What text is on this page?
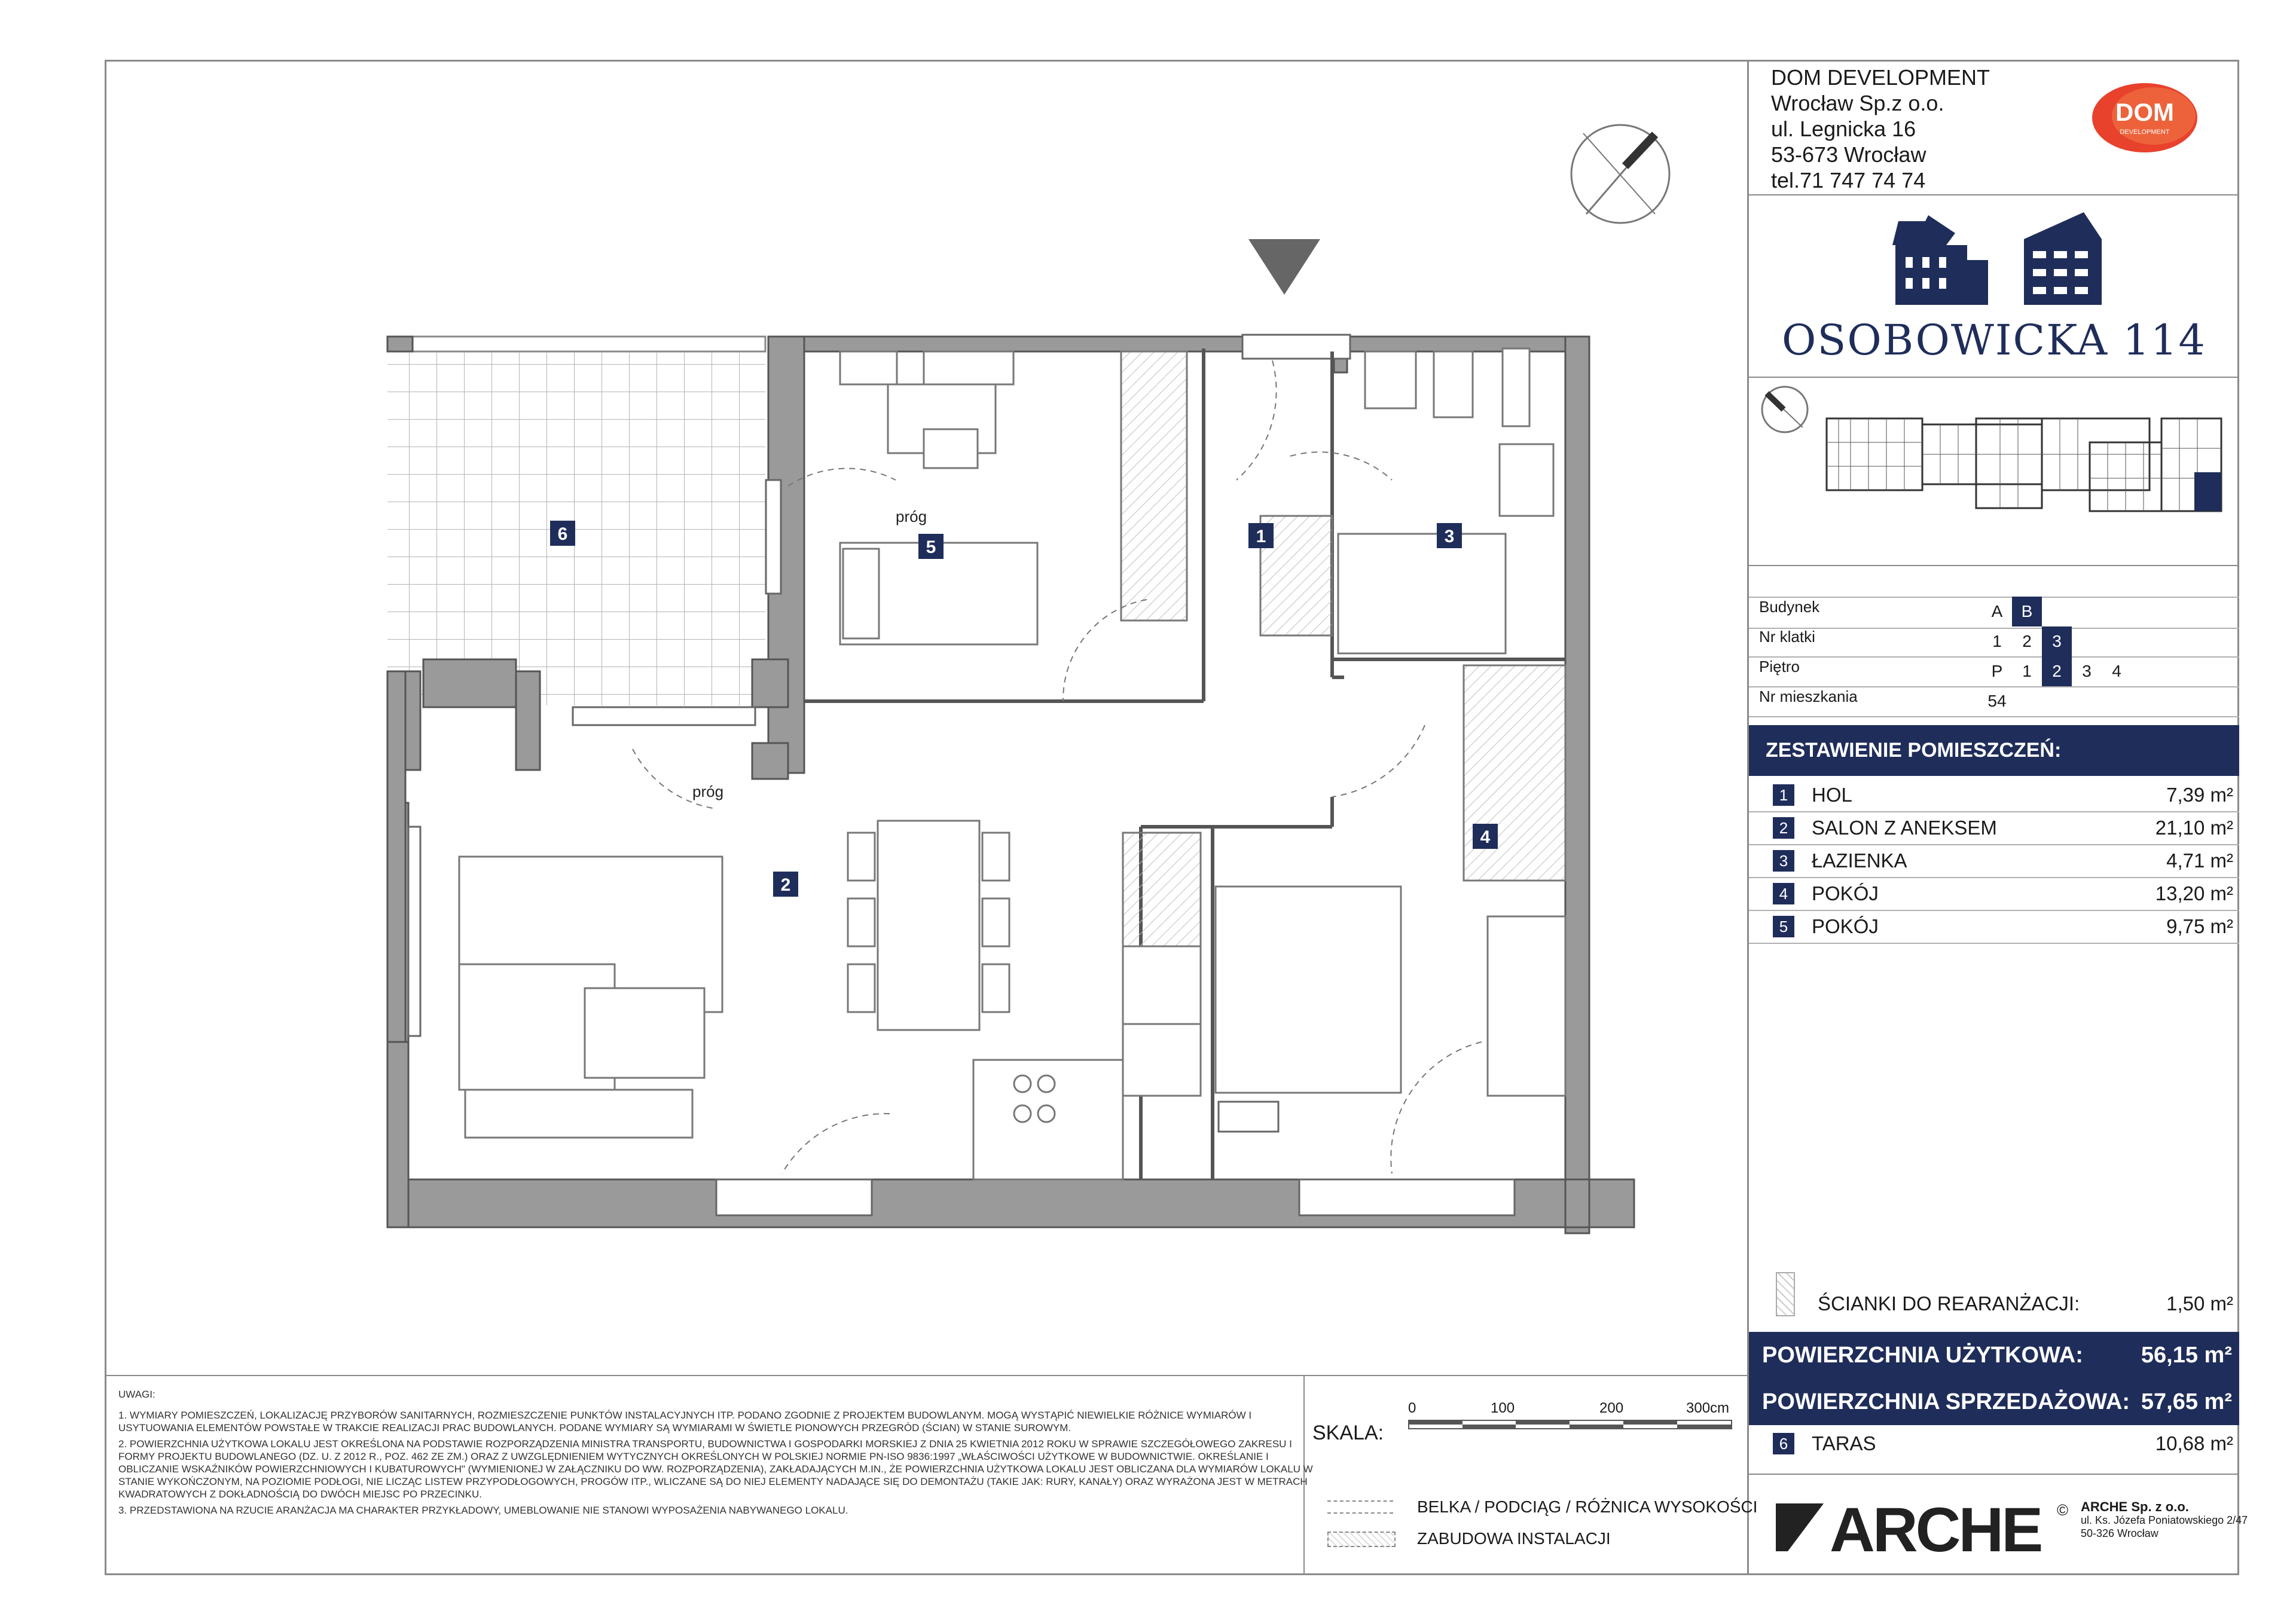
6
5
1	3
4
2
próg
próg
DOM DEVELOPMENT
Wrocław Sp.z o.o.
ul. Legnicka 16
53-673 Wrocław
tel.71 747 74 74
DOM
DEVELOPMENT
OSOBOWICKA 114
Budynek	A	B
Nr klatki	1	2	3
Piętro	P	1	2	3	4
Nr mieszkania	54
ZESTAWIENIE POMIESZCZEŃ:
1	HOL	7,39 m²
2	SALON Z ANEKSEM	21,10 m²
3	ŁAZIENKA	4,71 m²
4	POKÓJ	13,20 m²
5	POKÓJ	9,75 m²
ŚCIANKI DO REARANŻACJI:	1,50 m²
POWIERZCHNIA UŻYTKOWA:	56,15 m²
POWIERZCHNIA SPRZEDAŻOWA: 57,65 m²
6	TARAS	10,68 m²

UWAGI:

1. WYMIARY POMIESZCZEŃ, LOKALIZACJĘ PRZYBORÓW SANITARNYCH, ROZMIESZCZENIE PUNKTÓW INSTALACYJNYCH ITP. PODANO ZGODNIE Z PROJEKTEM BUDOWLANYM. MOGĄ WYSTĄPIĆ NIEWIELKIE RÓŻNICE WYMIARÓW I USYTUOWANIA ELEMENTÓW POWSTAŁE W TRAKCIE REALIZACJI PRAC BUDOWLANYCH. PODANE WYMIARY SĄ WYMIARAMI W ŚWIETLE PIONOWYCH PRZEGRÓD (ŚCIAN) W STANIE SUROWYM.

2. POWIERZCHNIA UŻYTKOWA LOKALU JEST OKREŚLONA NA PODSTAWIE ROZPORZĄDZENIA MINISTRA TRANSPORTU, BUDOWNICTWA I GOSPODARKI MORSKIEJ Z DNIA 25 KWIETNIA 2012 ROKU W SPRAWIE SZCZEGÓŁOWEGO ZAKRESU I FORMY PROJEKTU BUDOWLANEGO (DZ. U. Z 2012 R., POZ. 462 ZE ZM.) ORAZ Z UWZGLĘDNIENIEM WYTYCZNYCH OKREŚLONYCH W POLSKIEJ NORMIE PN-ISO 9836:1997 „WŁAŚCIWOŚCI UŻYTKOWE W BUDOWNICTWIE. OKREŚLANIE I OBLICZANIE WSKAŹNIKÓW POWIERZCHNIOWYCH I KUBATUROWYCH" (WYMIENIONEJ W ZAŁĄCZNIKU DO WW. ROZPORZĄDZENIA), ZAKŁADAJĄCYCH M.IN., ŻE POWIERZCHNIA UŻYTKOWA LOKALU JEST OBLICZANA DLA WYMIARÓW LOKALU W STANIE WYKOŃCZONYM, NA POZIOMIE PODŁOGI, NIE LICZĄC LISTEW PRZYPODŁOGOWYCH, PROGÓW ITP., WLICZANE SĄ DO NIEJ ELEMENTY NADAJĄCE SIĘ DO DEMONTAŻU (TAKIE JAK: RURY, KANAŁY) ORAZ WYRAŻONA JEST W METRACH KWADRATOWYCH Z DOKŁADNOŚCIĄ DO DWÓCH MIEJSC PO PRZECINKU.

3. PRZEDSTAWIONA NA RZUCIE ARANŻACJA MA CHARAKTER PRZYKŁADOWY, UMEBLOWANIE NIE STANOWI WYPOSAŻENIA NABYWANEGO LOKALU.

SKALA:
0	100	200	300cm
BELKA / PODCIĄG / RÓŻNICA WYSOKOŚCI
ZABUDOWA INSTALACJI	ARCHE © ARCHE Sp. z o.o.
ul. Ks. Józefa Poniatowskiego 2/47
50-326 Wrocław
